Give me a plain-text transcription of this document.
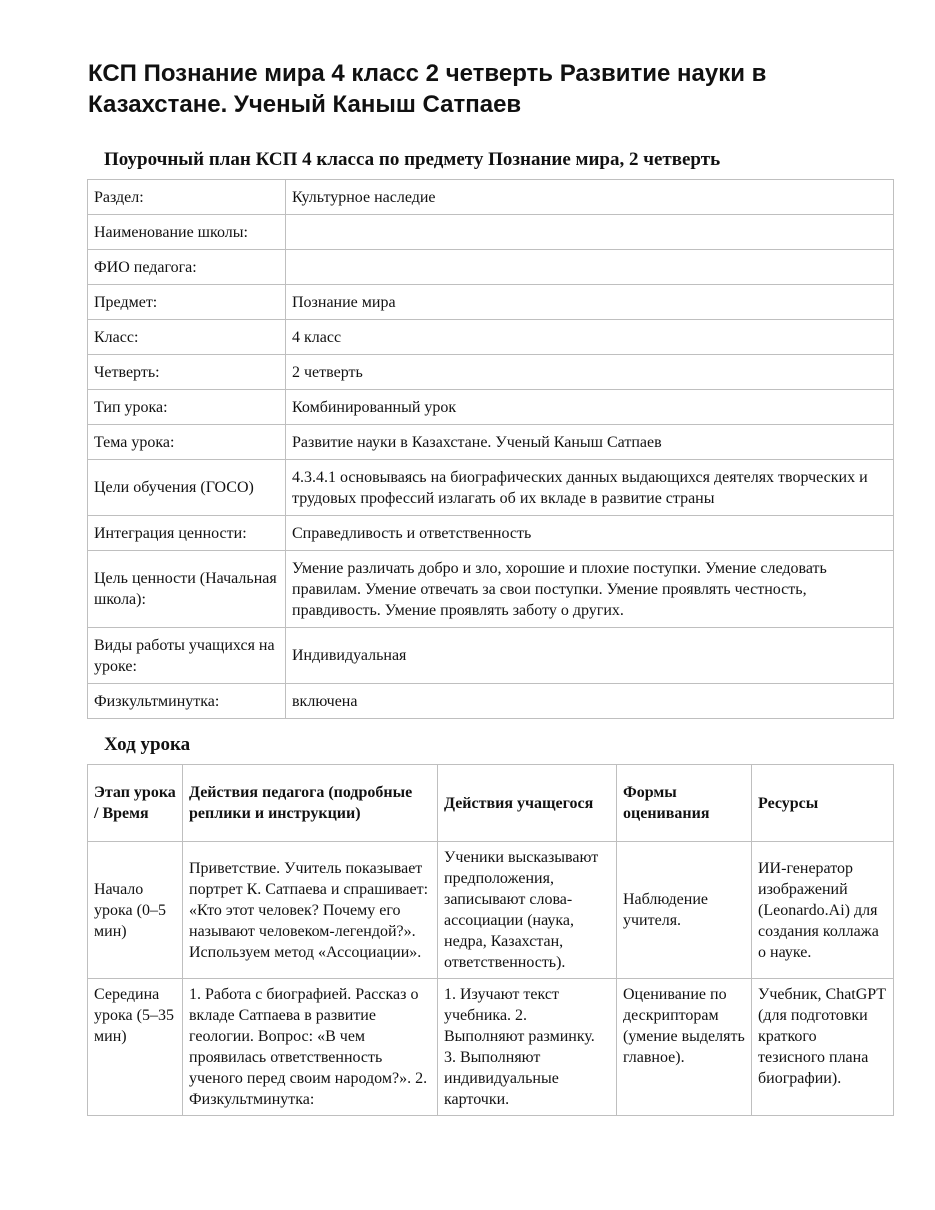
КСП Познание мира 4 класс 2 четверть Развитие науки в Казахстане. Ученый Каныш Сатпаев
Поурочный план КСП 4 класса по предмету Познание мира, 2 четверть
Раздел:	Культурное наследие
Наименование школы:	
ФИО педагога:	
Предмет:	Познание мира
Класс:	4 класс
Четверть:	2 четверть
Тип урока:	Комбинированный урок
Тема урока:	Развитие науки в Казахстане. Ученый Каныш Сатпаев
Цели обучения (ГОСО)	4.3.4.1 основываясь на биографических данных выдающихся деятелях творческих и трудовых профессий излагать об их вкладе в развитие страны
Интеграция ценности:	Справедливость и ответственность
Цель ценности (Начальная школа):	Умение различать добро и зло, хорошие и плохие поступки. Умение следовать правилам. Умение отвечать за свои поступки. Умение проявлять честность, правдивость. Умение проявлять заботу о других.
Виды работы учащихся на уроке:	Индивидуальная
Физкультминутка:	включена
Ход урока
Этап урока / Время	Действия педагога (подробные реплики и инструкции)	Действия учащегося	Формы оценивания	Ресурсы
Начало урока (0–5 мин)	Приветствие. Учитель показывает портрет К. Сатпаева и спрашивает: «Кто этот человек? Почему его называют человеком-легендой?». Используем метод «Ассоциации».	Ученики высказывают предположения, записывают слова-ассоциации (наука, недра, Казахстан, ответственность).	Наблюдение учителя.	ИИ-генератор изображений (Leonardo.Ai) для создания коллажа о науке.
Середина урока (5–35 мин)	1. Работа с биографией. Рассказ о вкладе Сатпаева в развитие геологии. Вопрос: «В чем проявилась ответственность ученого перед своим народом?». 2. Физкультминутка:	1. Изучают текст учебника. 2. Выполняют разминку. 3. Выполняют индивидуальные карточки.	Оценивание по дескрипторам (умение выделять главное).	Учебник, ChatGPT (для подготовки краткого тезисного плана биографии).
